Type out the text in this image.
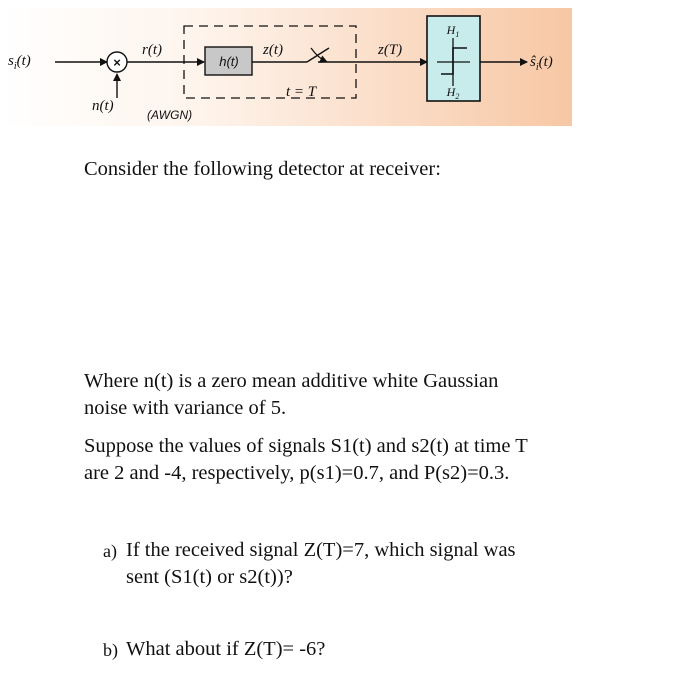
$s_i(t)$	×
n(t)
(AWGN)
r(t)
h(t)
z(t)
t = T
z(T)
$H_1$
$H_2$
$ŝ_i(t)$
Consider the following detector at receiver:
Where n(t) is a zero mean additive white Gaussian
noise with variance of 5.
Suppose the values of signals S1(t) and s2(t) at time T
are 2 and -4, respectively, p(s1)=0.7, and P(s2)=0.3.
a) If the received signal Z(T)=7, which signal was
sent (S1(t) or s2(t))?
b) What about if Z(T)= -6?
